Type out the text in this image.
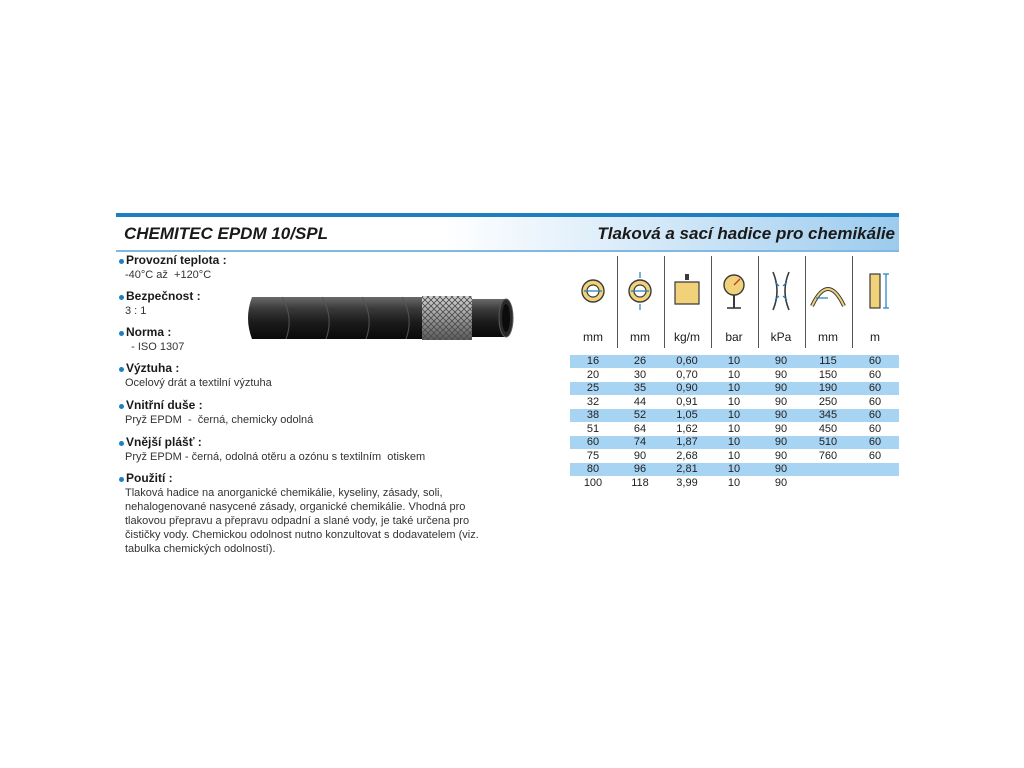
CHEMITEC EPDM 10/SPL	Tlaková a sací hadice pro chemikálie
Provozní teplota :
-40°C až  +120°C
Bezpečnost :
3 : 1
Norma :
- ISO 1307
Výztuha :
Ocelový drát a textilní výztuha
Vnitřní duše :
Pryž EPDM  -  černá, chemicky odolná
Vnější plášť :
Pryž EPDM - černá, odolná otěru a ozónu s textilním  otiskem
Použití :
Tlaková hadice na anorganické chemikálie, kyseliny, zásady, soli,
nehalogenované nasycené zásady, organické chemikálie. Vhodná pro
tlakovou přepravu a přepravu odpadní a slané vody, je také určena pro
čističky vody. Chemickou odolnost nutno konzultovat s dodavatelem (viz.
tabulka chemických odolností).
mm	mm	kg/m	bar	kPa	mm	m
16	26	0,60	10	90	115	60
20	30	0,70	10	90	150	60
25	35	0,90	10	90	190	60
32	44	0,91	10	90	250	60
38	52	1,05	10	90	345	60
51	64	1,62	10	90	450	60
60	74	1,87	10	90	510	60
75	90	2,68	10	90	760	60
80	96	2,81	10	90
100	118	3,99	10	90
